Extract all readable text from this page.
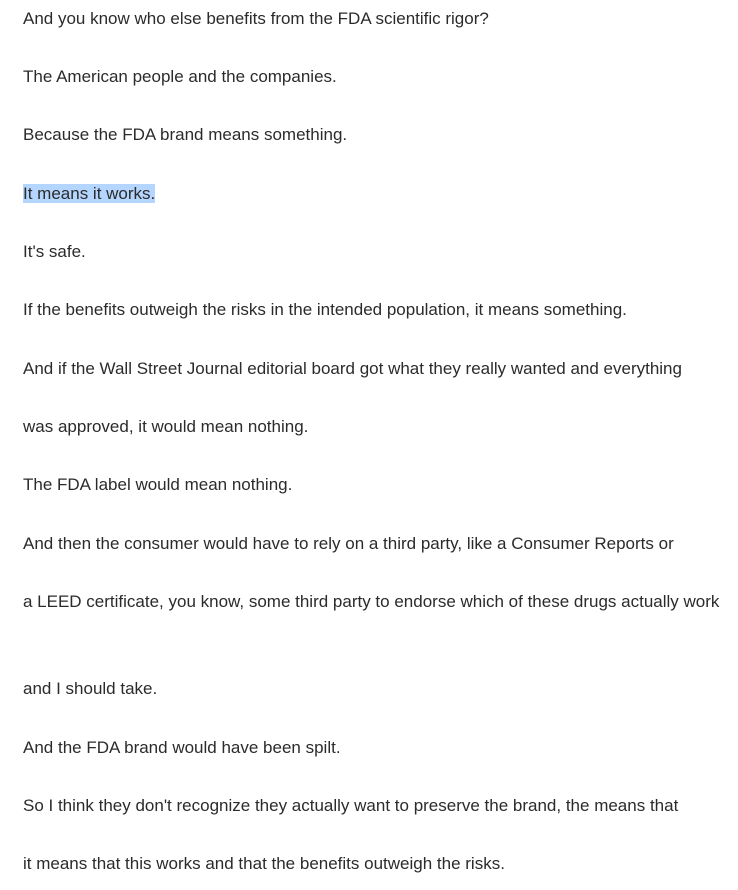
And you know who else benefits from the FDA scientific rigor?

The American people and the companies.

Because the FDA brand means something.

It means it works.

It's safe.

If the benefits outweigh the risks in the intended population, it means something.

And if the Wall Street Journal editorial board got what they really wanted and everything

was approved, it would mean nothing.

The FDA label would mean nothing.

And then the consumer would have to rely on a third party, like a Consumer Reports or

a LEED certificate, you know, some third party to endorse which of these drugs actually work

and I should take.

And the FDA brand would have been spilt.

So I think they don't recognize they actually want to preserve the brand, the means that

it means that this works and that the benefits outweigh the risks.
